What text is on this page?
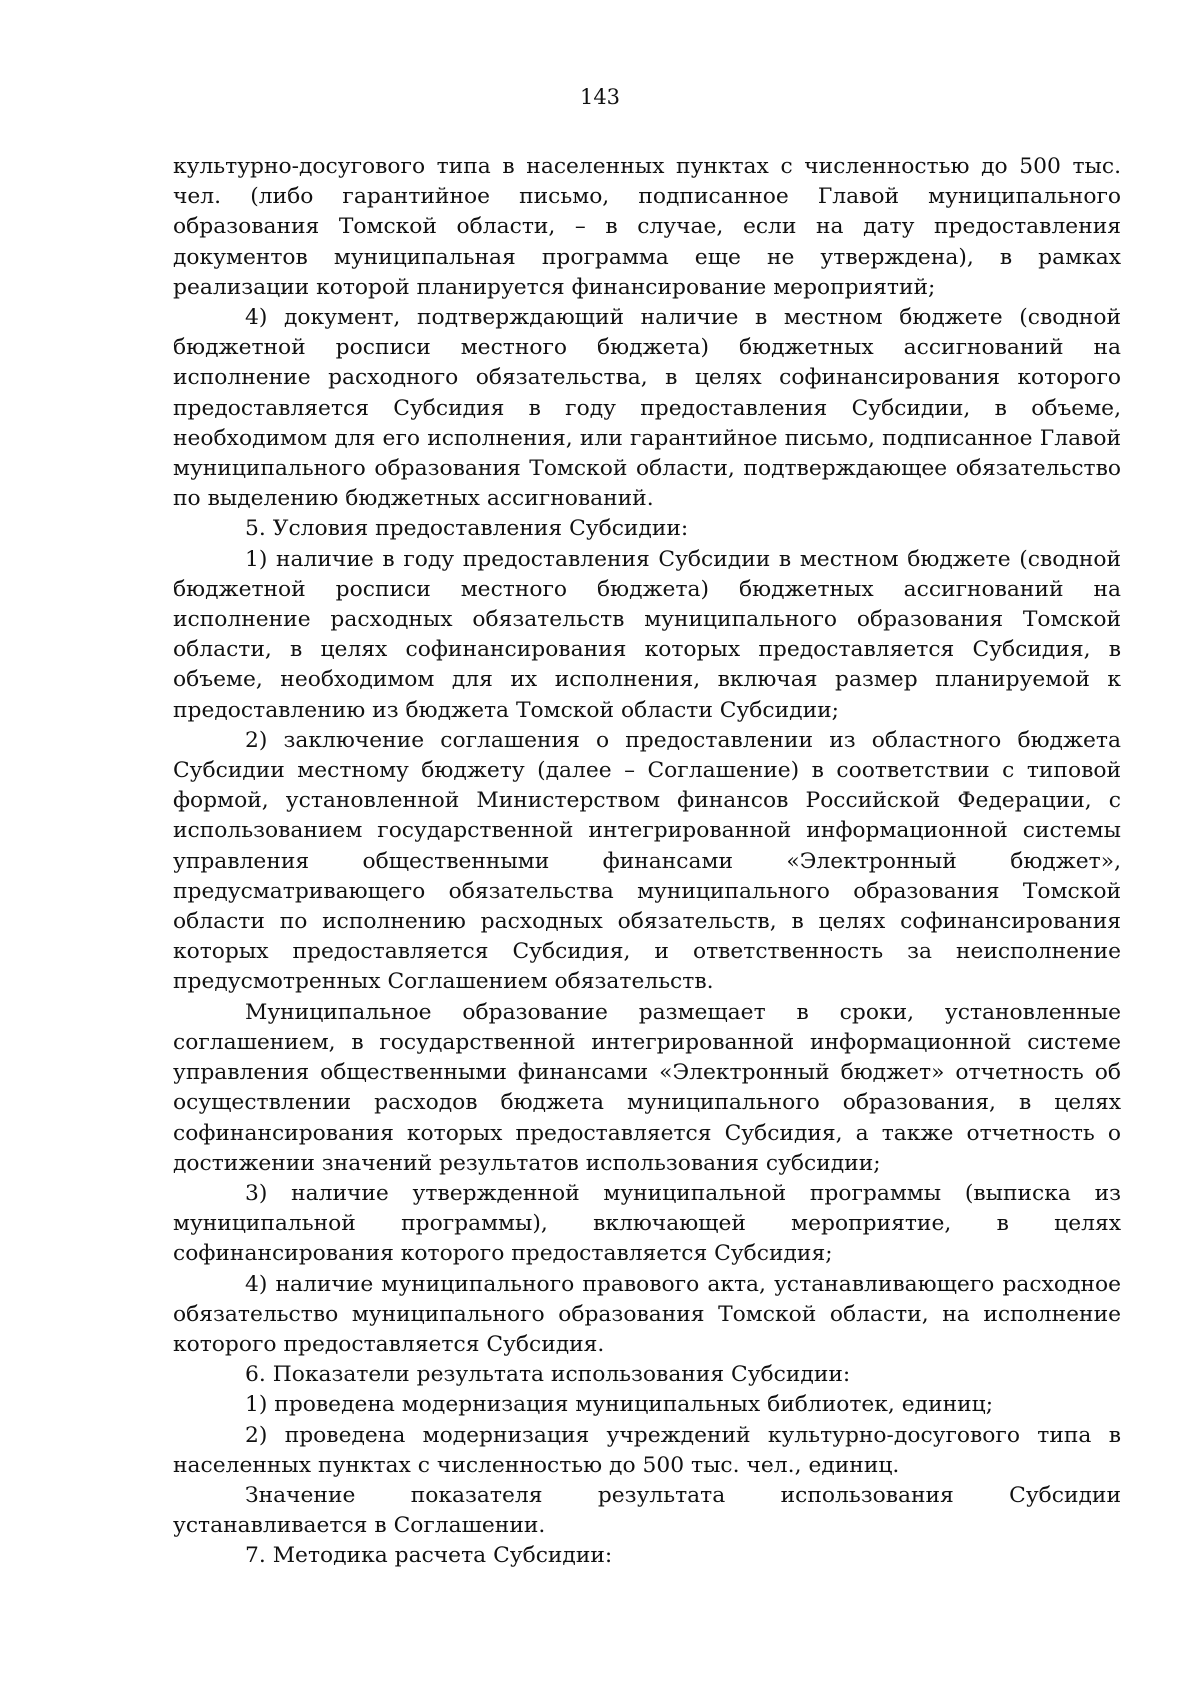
143

культурно-досугового типа в населенных пунктах с численностью до 500 тыс. чел. (либо гарантийное письмо, подписанное Главой муниципального образования Томской области, – в случае, если на дату предоставления документов муниципальная программа еще не утверждена), в рамках реализации которой планируется финансирование мероприятий;

4) документ, подтверждающий наличие в местном бюджете (сводной бюджетной росписи местного бюджета) бюджетных ассигнований на исполнение расходного обязательства, в целях софинансирования которого предоставляется Субсидия в году предоставления Субсидии, в объеме, необходимом для его исполнения, или гарантийное письмо, подписанное Главой муниципального образования Томской области, подтверждающее обязательство по выделению бюджетных ассигнований.

5. Условия предоставления Субсидии:

1) наличие в году предоставления Субсидии в местном бюджете (сводной бюджетной росписи местного бюджета) бюджетных ассигнований на исполнение расходных обязательств муниципального образования Томской области, в целях софинансирования которых предоставляется Субсидия, в объеме, необходимом для их исполнения, включая размер планируемой к предоставлению из бюджета Томской области Субсидии;

2) заключение соглашения о предоставлении из областного бюджета Субсидии местному бюджету (далее – Соглашение) в соответствии с типовой формой, установленной Министерством финансов Российской Федерации, с использованием государственной интегрированной информационной системы управления общественными финансами «Электронный бюджет», предусматривающего обязательства муниципального образования Томской области по исполнению расходных обязательств, в целях софинансирования которых предоставляется Субсидия, и ответственность за неисполнение предусмотренных Соглашением обязательств.

Муниципальное образование размещает в сроки, установленные соглашением, в государственной интегрированной информационной системе управления общественными финансами «Электронный бюджет» отчетность об осуществлении расходов бюджета муниципального образования, в целях софинансирования которых предоставляется Субсидия, а также отчетность о достижении значений результатов использования субсидии;

3) наличие утвержденной муниципальной программы (выписка из муниципальной программы), включающей мероприятие, в целях софинансирования которого предоставляется Субсидия;

4) наличие муниципального правового акта, устанавливающего расходное обязательство муниципального образования Томской области, на исполнение которого предоставляется Субсидия.

6. Показатели результата использования Субсидии:

1) проведена модернизация муниципальных библиотек, единиц;

2) проведена модернизация учреждений культурно-досугового типа в населенных пунктах с численностью до 500 тыс. чел., единиц.

Значение показателя результата использования Субсидии устанавливается в Соглашении.

7. Методика расчета Субсидии:
